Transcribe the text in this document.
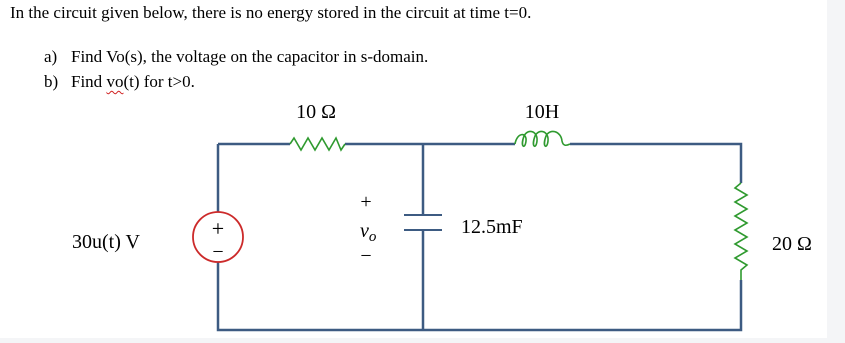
In the circuit given below, there is no energy stored in the circuit at time t=0.
a) Find Vo(s), the voltage on the capacitor in s-domain.
b) Find vo(t) for t>0.
10 Ω	10H
12.5mF
+
$v_o$
−
+
−
30u(t) V	20 Ω
